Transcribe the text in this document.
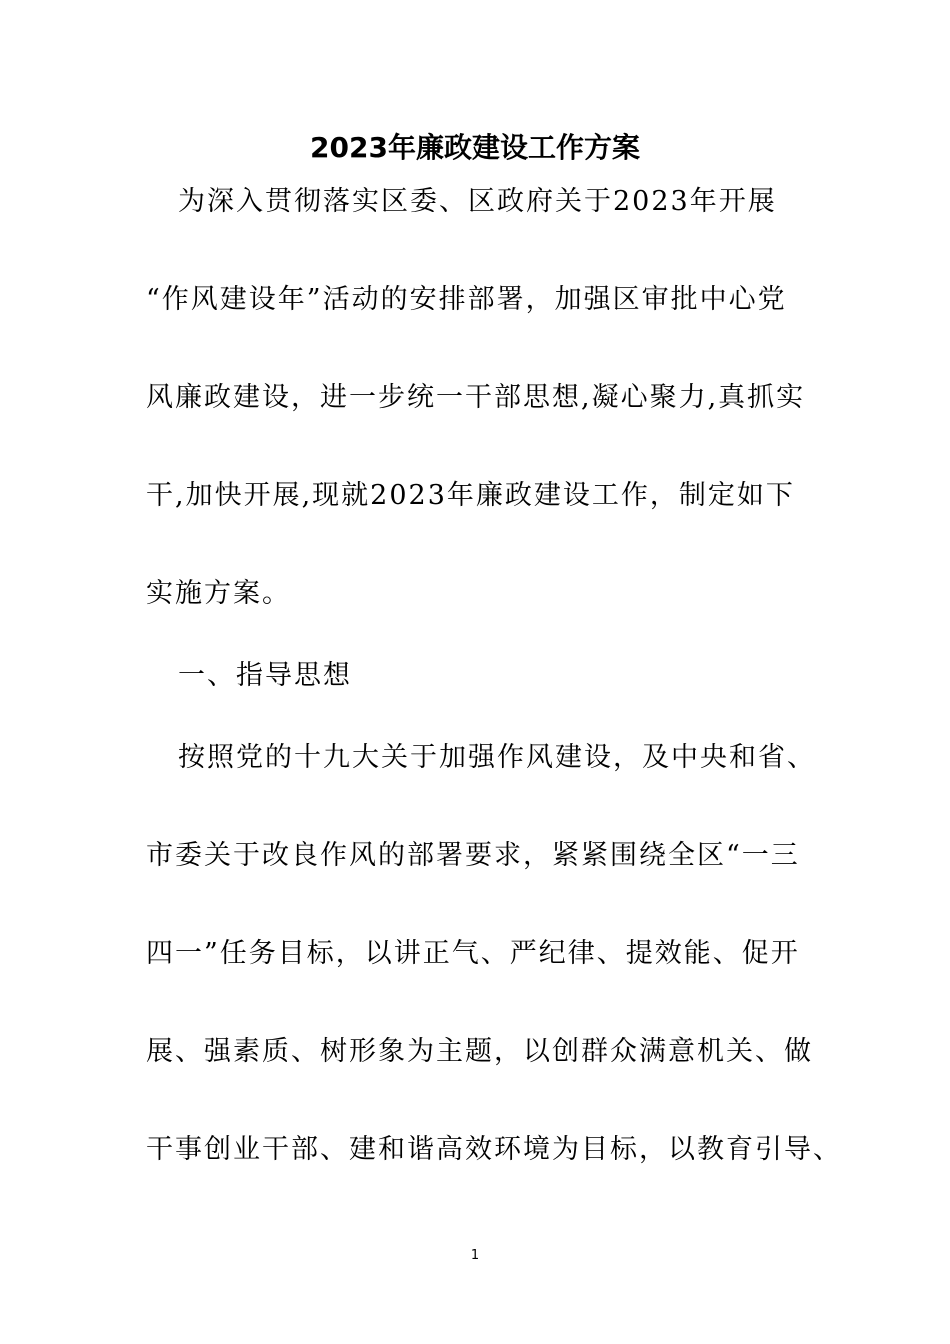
2023年廉政建设工作方案
为深入贯彻落实区委、区政府关于2023年开展
“作风建设年”活动的安排部署，加强区审批中心党
风廉政建设，进一步统一干部思想,凝心聚力,真抓实
干,加快开展,现就2023年廉政建设工作，制定如下
实施方案。
一、指导思想
按照党的十九大关于加强作风建设，及中央和省、
市委关于改良作风的部署要求，紧紧围绕全区“一三
四一”任务目标，以讲正气、严纪律、提效能、促开
展、强素质、树形象为主题，以创群众满意机关、做
干事创业干部、建和谐高效环境为目标，以教育引导、
1
